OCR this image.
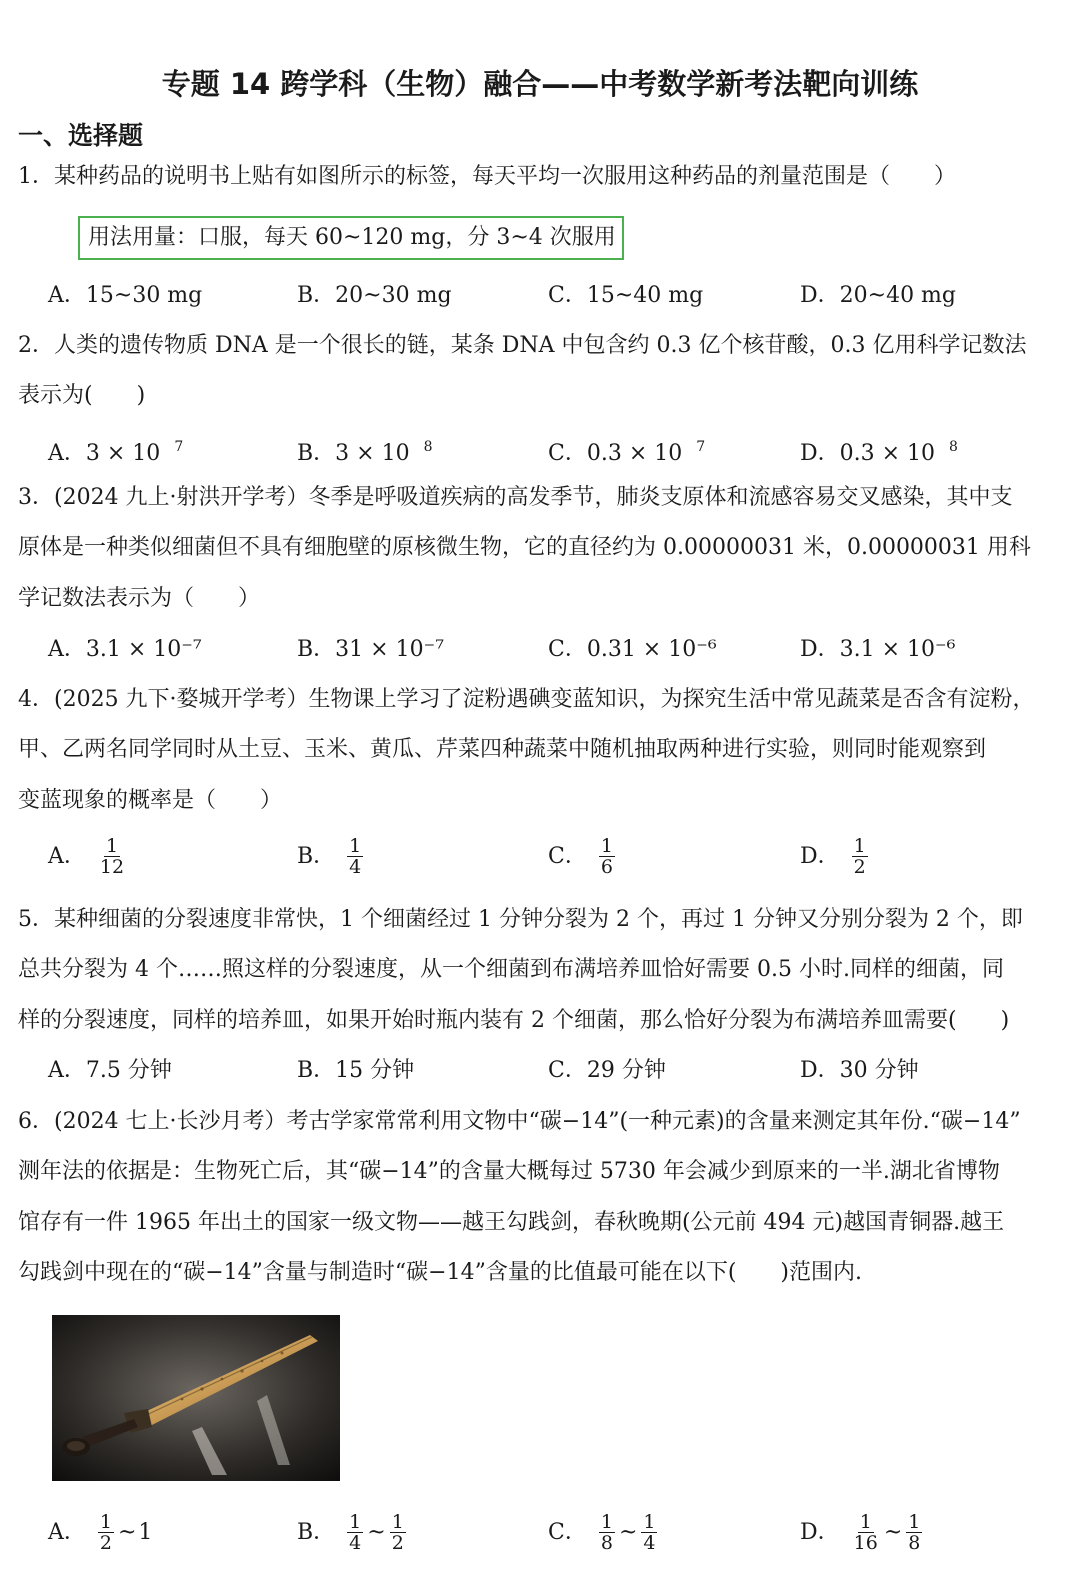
专题 14 跨学科（生物）融合——中考数学新考法靶向训练
一、选择题
1．某种药品的说明书上贴有如图所示的标签，每天平均一次服用这种药品的剂量范围是（　　）
用法用量：口服，每天 60~120 mg，分 3~4 次服用
A．15~30 mg	B．20~30 mg	C．15~40 mg	D．20~40 mg
2．人类的遗传物质 DNA 是一个很长的链，某条 DNA 中包含约 0.3 亿个核苷酸，0.3 亿用科学记数法
表示为(　　)
A．3 × 10 $^7$	B．3 × 10 $^8$	C．0.3 × 10 $^7$	D．0.3 × 10 $^8$
3．(2024 九上·射洪开学考）冬季是呼吸道疾病的高发季节，肺炎支原体和流感容易交叉感染，其中支
原体是一种类似细菌但不具有细胞壁的原核微生物，它的直径约为 0.00000031 米，0.00000031 用科
学记数法表示为（　　）
A．3.1 × 10⁻⁷	B．31 × 10⁻⁷	C．0.31 × 10⁻⁶	D．3.1 × 10⁻⁶
4．(2025 九下·婺城开学考）生物课上学习了淀粉遇碘变蓝知识，为探究生活中常见蔬菜是否含有淀粉，
甲、乙两名同学同时从土豆、玉米、黄瓜、芹菜四种蔬菜中随机抽取两种进行实验，则同时能观察到
变蓝现象的概率是（　　）
A． $\frac{1}{12}$	B． $\frac{1}{4}$	C． $\frac{1}{6}$	D． $\frac{1}{2}$
5．某种细菌的分裂速度非常快，1 个细菌经过 1 分钟分裂为 2 个，再过 1 分钟又分别分裂为 2 个，即
总共分裂为 4 个……照这样的分裂速度，从一个细菌到布满培养皿恰好需要 0.5 小时.同样的细菌，同
样的分裂速度，同样的培养皿，如果开始时瓶内装有 2 个细菌，那么恰好分裂为布满培养皿需要(　　)
A．7.5 分钟	B．15 分钟	C．29 分钟	D．30 分钟
6．(2024 七上·长沙月考）考古学家常常利用文物中“碳−14”(一种元素)的含量来测定其年份.“碳−14”
测年法的依据是：生物死亡后，其“碳−14”的含量大概每过 5730 年会减少到原来的一半.湖北省博物
馆存有一件 1965 年出土的国家一级文物——越王勾践剑，春秋晚期(公元前 494 元)越国青铜器.越王
勾践剑中现在的“碳−14”含量与制造时“碳−14”含量的比值最可能在以下(　　)范围内.
A． $\frac{1}{2}$ ~ 1	B． $\frac{1}{4}$ ~ $\frac{1}{2}$	C． $\frac{1}{8}$ ~ $\frac{1}{4}$	D． $\frac{1}{16}$ ~ $\frac{1}{8}$
